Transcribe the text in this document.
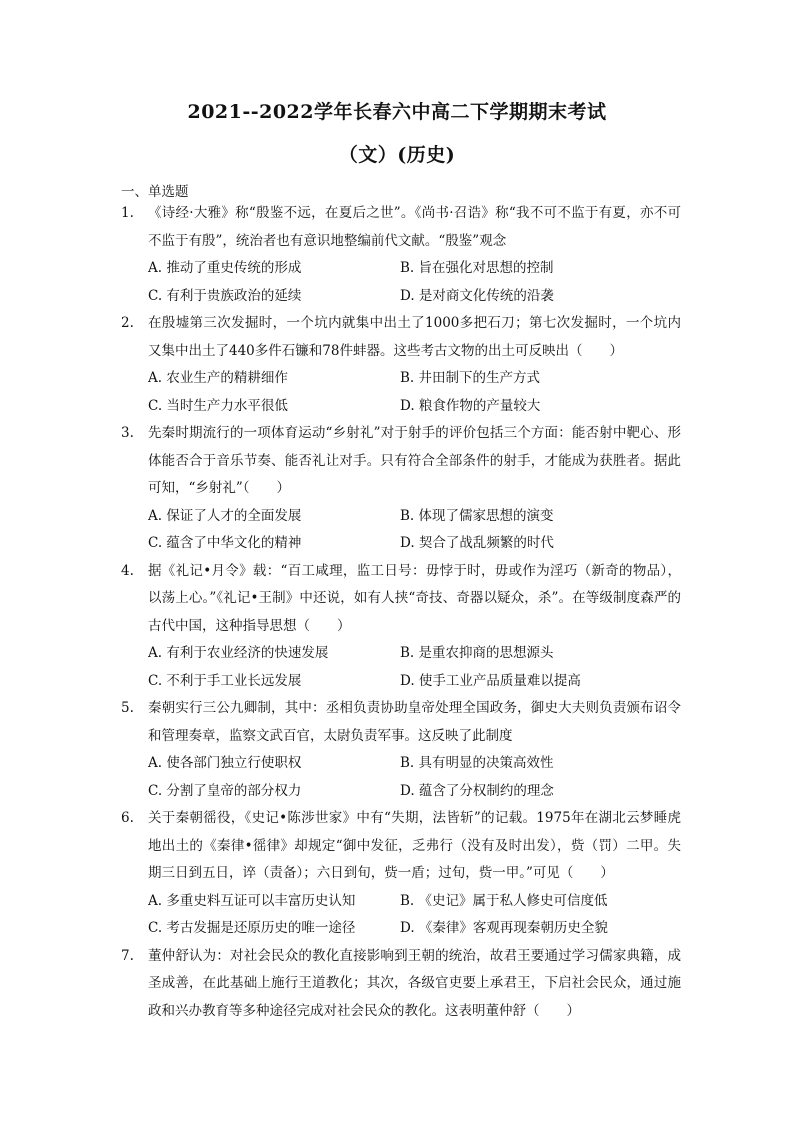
2021--2022学年长春六中高二下学期期末考试
（文）(历史)
一、单选题
1. 《诗经·大雅》称“殷鉴不远，在夏后之世”。《尚书·召诰》称“我不可不监于有夏，亦不可不监于有殷”，统治者也有意识地整编前代文献。“殷鉴”观念
A. 推动了重史传统的形成	B. 旨在强化对思想的控制
C. 有利于贵族政治的延续	D. 是对商文化传统的沿袭
2. 在殷墟第三次发掘时，一个坑内就集中出土了1000多把石刀；第七次发掘时，一个坑内又集中出土了440多件石镰和78件蚌器。这些考古文物的出土可反映出（　　）
A. 农业生产的精耕细作	B. 井田制下的生产方式
C. 当时生产力水平很低	D. 粮食作物的产量较大
3. 先秦时期流行的一项体育运动“乡射礼”对于射手的评价包括三个方面：能否射中靶心、形体能否合于音乐节奏、能否礼让对手。只有符合全部条件的射手，才能成为获胜者。据此可知，“乡射礼”（　　）
A. 保证了人才的全面发展	B. 体现了儒家思想的演变
C. 蕴含了中华文化的精神	D. 契合了战乱频繁的时代
4. 据《礼记•月令》载：“百工咸理，监工日号：毋悖于时，毋或作为淫巧（新奇的物品），以荡上心。”《礼记•王制》中还说，如有人挟“奇技、奇器以疑众，杀”。在等级制度森严的古代中国，这种指导思想（　　）
A. 有利于农业经济的快速发展	B. 是重农抑商的思想源头
C. 不利于手工业长远发展	D. 使手工业产品质量难以提高
5. 秦朝实行三公九卿制，其中：丞相负责协助皇帝处理全国政务，御史大夫则负责颁布诏令和管理奏章，监察文武百官，太尉负责军事。这反映了此制度
A. 使各部门独立行使职权	B. 具有明显的决策高效性
C. 分割了皇帝的部分权力	D. 蕴含了分权制约的理念
6. 关于秦朝徭役，《史记•陈涉世家》中有“失期，法皆斩”的记载。1975年在湖北云梦睡虎地出土的《秦律•徭律》却规定“御中发征，乏弗行（没有及时出发），赀（罚）二甲。失期三日到五日，谇（责备）；六日到旬，赀一盾；过旬，赀一甲。”可见（　　）
A. 多重史料互证可以丰富历史认知	B. 《史记》属于私人修史可信度低
C. 考古发掘是还原历史的唯一途径	D. 《秦律》客观再现秦朝历史全貌
7. 董仲舒认为：对社会民众的教化直接影响到王朝的统治，故君王要通过学习儒家典籍，成圣成善，在此基础上施行王道教化；其次，各级官吏要上承君王，下启社会民众，通过施政和兴办教育等多种途径完成对社会民众的教化。这表明董仲舒（　　）
